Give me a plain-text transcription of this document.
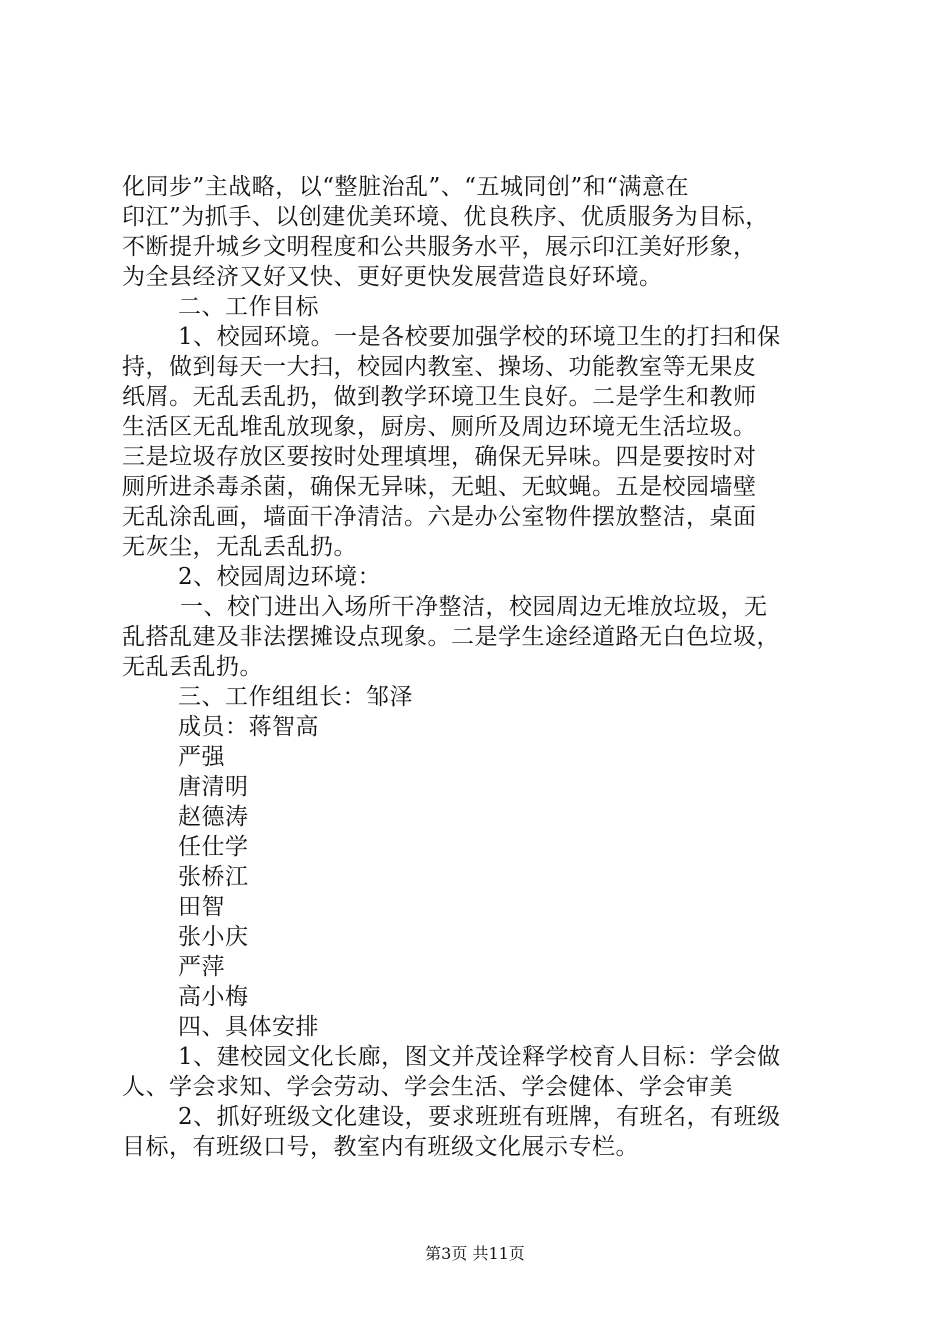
化同步”主战略，以“整脏治乱”、“五城同创”和“满意在
印江”为抓手、以创建优美环境、优良秩序、优质服务为目标，
不断提升城乡文明程度和公共服务水平，展示印江美好形象，
为全县经济又好又快、更好更快发展营造良好环境。
二、工作目标
1、校园环境。一是各校要加强学校的环境卫生的打扫和保
持，做到每天一大扫，校园内教室、操场、功能教室等无果皮
纸屑。无乱丢乱扔，做到教学环境卫生良好。二是学生和教师
生活区无乱堆乱放现象，厨房、厕所及周边环境无生活垃圾。
三是垃圾存放区要按时处理填埋，确保无异味。四是要按时对
厕所进杀毒杀菌，确保无异味，无蛆、无蚊蝇。五是校园墙壁
无乱涂乱画，墙面干净清洁。六是办公室物件摆放整洁，桌面
无灰尘，无乱丢乱扔。
2、校园周边环境：
一、校门进出入场所干净整洁，校园周边无堆放垃圾，无
乱搭乱建及非法摆摊设点现象。二是学生途经道路无白色垃圾，
无乱丢乱扔。
三、工作组组长：邹泽
成员：蒋智高
严强
唐清明
赵德涛
任仕学
张桥江
田智
张小庆
严萍
高小梅
四、具体安排
1、建校园文化长廊，图文并茂诠释学校育人目标：学会做
人、学会求知、学会劳动、学会生活、学会健体、学会审美
2、抓好班级文化建设，要求班班有班牌，有班名，有班级
目标，有班级口号，教室内有班级文化展示专栏。
第3页 共11页
